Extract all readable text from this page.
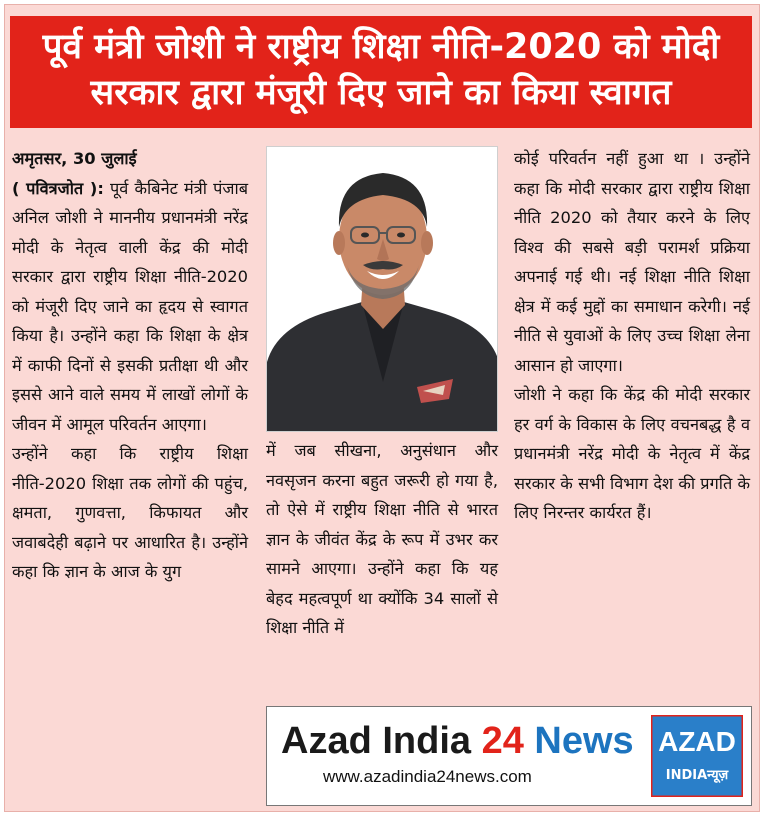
पूर्व मंत्री जोशी ने राष्ट्रीय शिक्षा नीति-2020 को मोदी
सरकार द्वारा मंजूरी दिए जाने का किया स्वागत

अमृतसर, 30 जुलाई
( पवित्रजोत ): पूर्व कैबिनेट मंत्री पंजाब अनिल जोशी ने माननीय प्रधानमंत्री नरेंद्र मोदी के नेतृत्व वाली केंद्र की मोदी सरकार द्वारा राष्ट्रीय शिक्षा नीति-2020 को मंजूरी दिए जाने का हृदय से स्वागत किया है। उन्होंने कहा कि शिक्षा के क्षेत्र में काफी दिनों से इसकी प्रतीक्षा थी और इससे आने वाले समय में लाखों लोगों के जीवन में आमूल परिवर्तन आएगा।

उन्होंने कहा कि राष्ट्रीय शिक्षा नीति-2020 शिक्षा तक लोगों की पहुंच, क्षमता, गुणवत्ता, किफायत और जवाबदेही बढ़ाने पर आधारित है। उन्होंने कहा कि ज्ञान के आज के युग

में जब सीखना, अनुसंधान और नवसृजन करना बहुत जरूरी हो गया है, तो ऐसे में राष्ट्रीय शिक्षा नीति से भारत ज्ञान के जीवंत केंद्र के रूप में उभर कर सामने आएगा। उन्होंने कहा कि यह बेहद महत्वपूर्ण था क्योंकि 34 सालों से शिक्षा नीति में

कोई परिवर्तन नहीं हुआ था । उन्होंने कहा कि मोदी सरकार द्वारा राष्ट्रीय शिक्षा नीति 2020 को तैयार करने के लिए विश्व की सबसे बड़ी परामर्श प्रक्रिया अपनाई गई थी। नई शिक्षा नीति शिक्षा क्षेत्र में कई मुद्दों का समाधान करेगी। नई नीति से युवाओं के लिए उच्च शिक्षा लेना आसान हो जाएगा।

जोशी ने कहा कि केंद्र की मोदी सरकार हर वर्ग के विकास के लिए वचनबद्ध है व प्रधानमंत्री नरेंद्र मोदी के नेतृत्व में केंद्र सरकार के सभी विभाग देश की प्रगति के लिए निरन्तर कार्यरत हैं।

Azad India 24 News
www.azadindia24news.com
AZAD
INDIAन्यूज़
